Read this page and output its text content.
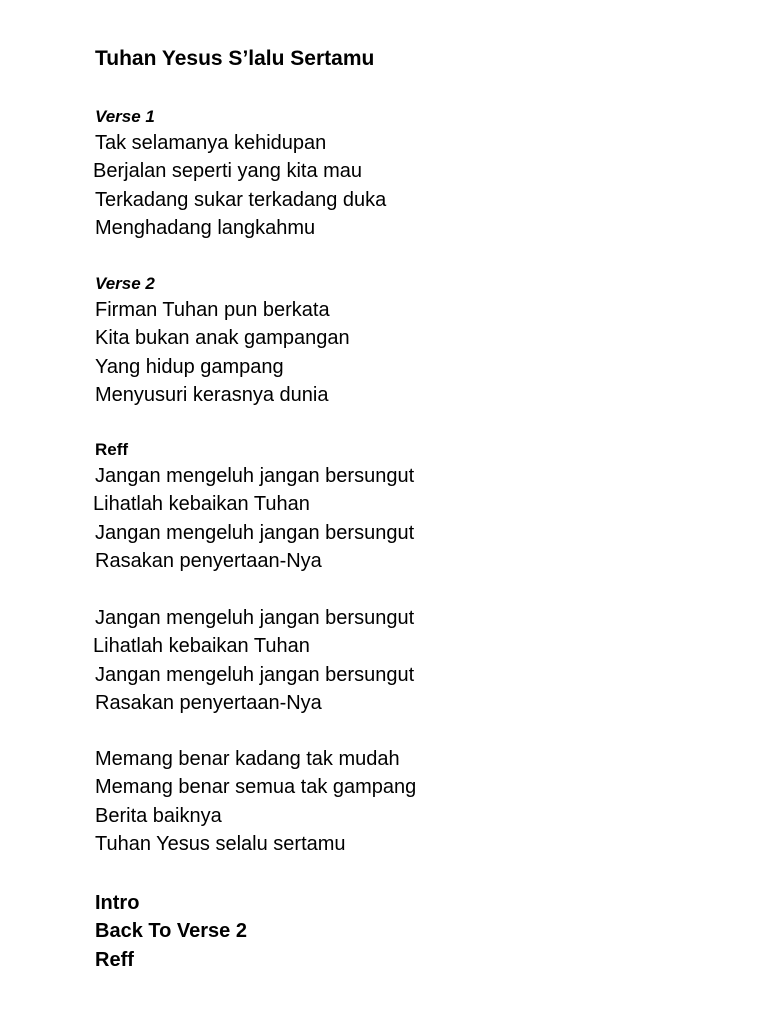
Tuhan Yesus S’lalu Sertamu
Verse 1
Tak selamanya kehidupan
Berjalan seperti yang kita mau
Terkadang sukar terkadang duka
Menghadang langkahmu
Verse 2
Firman Tuhan pun berkata
Kita bukan anak gampangan
Yang hidup gampang
Menyusuri kerasnya dunia
Reff
Jangan mengeluh jangan bersungut
Lihatlah kebaikan Tuhan
Jangan mengeluh jangan bersungut
Rasakan penyertaan-Nya
Jangan mengeluh jangan bersungut
Lihatlah kebaikan Tuhan
Jangan mengeluh jangan bersungut
Rasakan penyertaan-Nya
Memang benar kadang tak mudah
Memang benar semua tak gampang
Berita baiknya
Tuhan Yesus selalu sertamu
Intro
Back To Verse 2
Reff
